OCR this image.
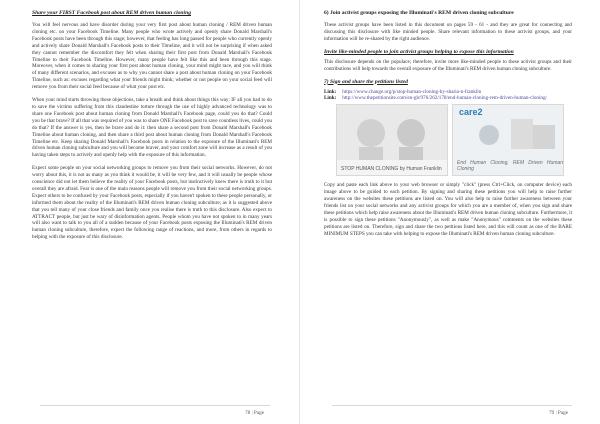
Share your FIRST Facebook post about REM driven human cloning

You will feel nervous and have disorder during your very first post about human cloning / REM driven human cloning etc. on your Facebook Timeline. Many people who wrote actively and openly share Donald Marshall's Facebook posts have been through this stage; however, that feeling has long passed for people who currently openly and actively share Donald Marshall's Facebook posts to their Timeline, and it will not be surprising if when asked they cannot remember the discomfort they felt when sharing their first post from Donald Marshall's Facebook Timeline to their Facebook Timeline. However, many people have felt like this and been through this stage. Moreover, when it comes to sharing your first post about human cloning, your mind might race, and you will think of many different scenarios, and excuses as to why you cannot share a post about human cloning on your Facebook Timeline, such as: excuses regarding what your friends might think; whether or not people on your social feed will remove you from their social feed because of what your post etc.

When your mind starts throwing these objections, take a breath and think about things this way: IF all you had to do to save the victims suffering from this clandestine torture through the use of highly advanced technology was to share one Facebook post about human cloning from Donald Marshall's Facebook page, could you do that? Could you be that brave? If all that was required of you was to share ONE Facebook post to save countless lives, could you do that? If the answer is yes, then be brave and do it: then share a second post from Donald Marshall's Facebook Timeline about human cloning, and then share a third post about human cloning from Donald Marshall's Facebook Timeline etc. Keep sharing Donald Marshall's Facebook posts in relation to the exposure of the Illuminati's REM driven human cloning subculture and you will become braver, and your comfort zone will increase as a result of you having taken steps to actively and openly help with the exposure of this information.

Expect some people on your social networking groups to remove you from their social networks. However, do not worry about this, it is not as many as you think it would be, it will be very few, and it will usually be people whose conscience did not let them believe the reality of your Facebook posts, but instinctively knew there is truth to it but overall they are afraid. Fear is one of the main reasons people will remove you from their social networking groups. Expect others to be confused by your Facebook posts, especially if you haven't spoken to these people personally, or informed them about the reality of the Illuminati's REM driven human cloning subculture; as it is suggested above that you tell many of your close friends and family once you realise there is truth to this disclosure. Also expect to ATTRACT people, but just be wary of disinformation agents. People whom you have not spoken to in many years will also want to talk to you all of a sudden because of your Facebook posts exposing the Illuminati's REM driven human cloning subculture, therefore, expect the following range of reactions, and more, from others in regards to helping with the exposure of this disclosure.

78 | Page

6) Join activist groups exposing the Illuminati's REM driven cloning subculture

These activist groups have been listed in this document on pages 59 - 61 - and they are great for connecting and discussing this disclosure with like minded people. Share relevant information to these activist groups, and your information will be re-shared by the right audience.

Invite like-minded people to join activist groups helping to expose this information

This disclosure depends on the populace; therefore, invite more like-minded people to these activist groups and their contributions will help towards the overall exposure of the Illuminati's REM driven human cloning subculture.

7) Sign and share the petitions listed

Link: https://www.change.org/p/stop-human-cloning-by-sharia-n-franklin
Link: http://www.thepetitionsite.com/en-gb/976/262/178/end-human-cloning-rem-driven-human-cloning/
STOP HUMAN CLONING by Human Franklin
care2
End Human Cloning, REM Driven Human Cloning

Copy and paste each link above to your web browser or simply "click" (press Ctrl+Click, on computer device) each image above to be guided to each petition. By signing and sharing these petitions you will help to raise further awareness on the websites these petitions are listed on. You will also help to raise further awareness between your friends list on your social networks and any activist groups for which you are a member of, when you sign and share these petitions which help raise awareness about the Illuminati's REM driven human cloning subculture. Furthermore, it is possible to sign these petitions "Anonymously", as well as make "Anonymous" comments on the websites these petitions are listed on. Therefore, sign and share the two petitions listed here, and this will count as one of the BARE MINIMUM STEPS you can take with helping to expose the Illuminati's REM driven human cloning subculture.

79 | Page
